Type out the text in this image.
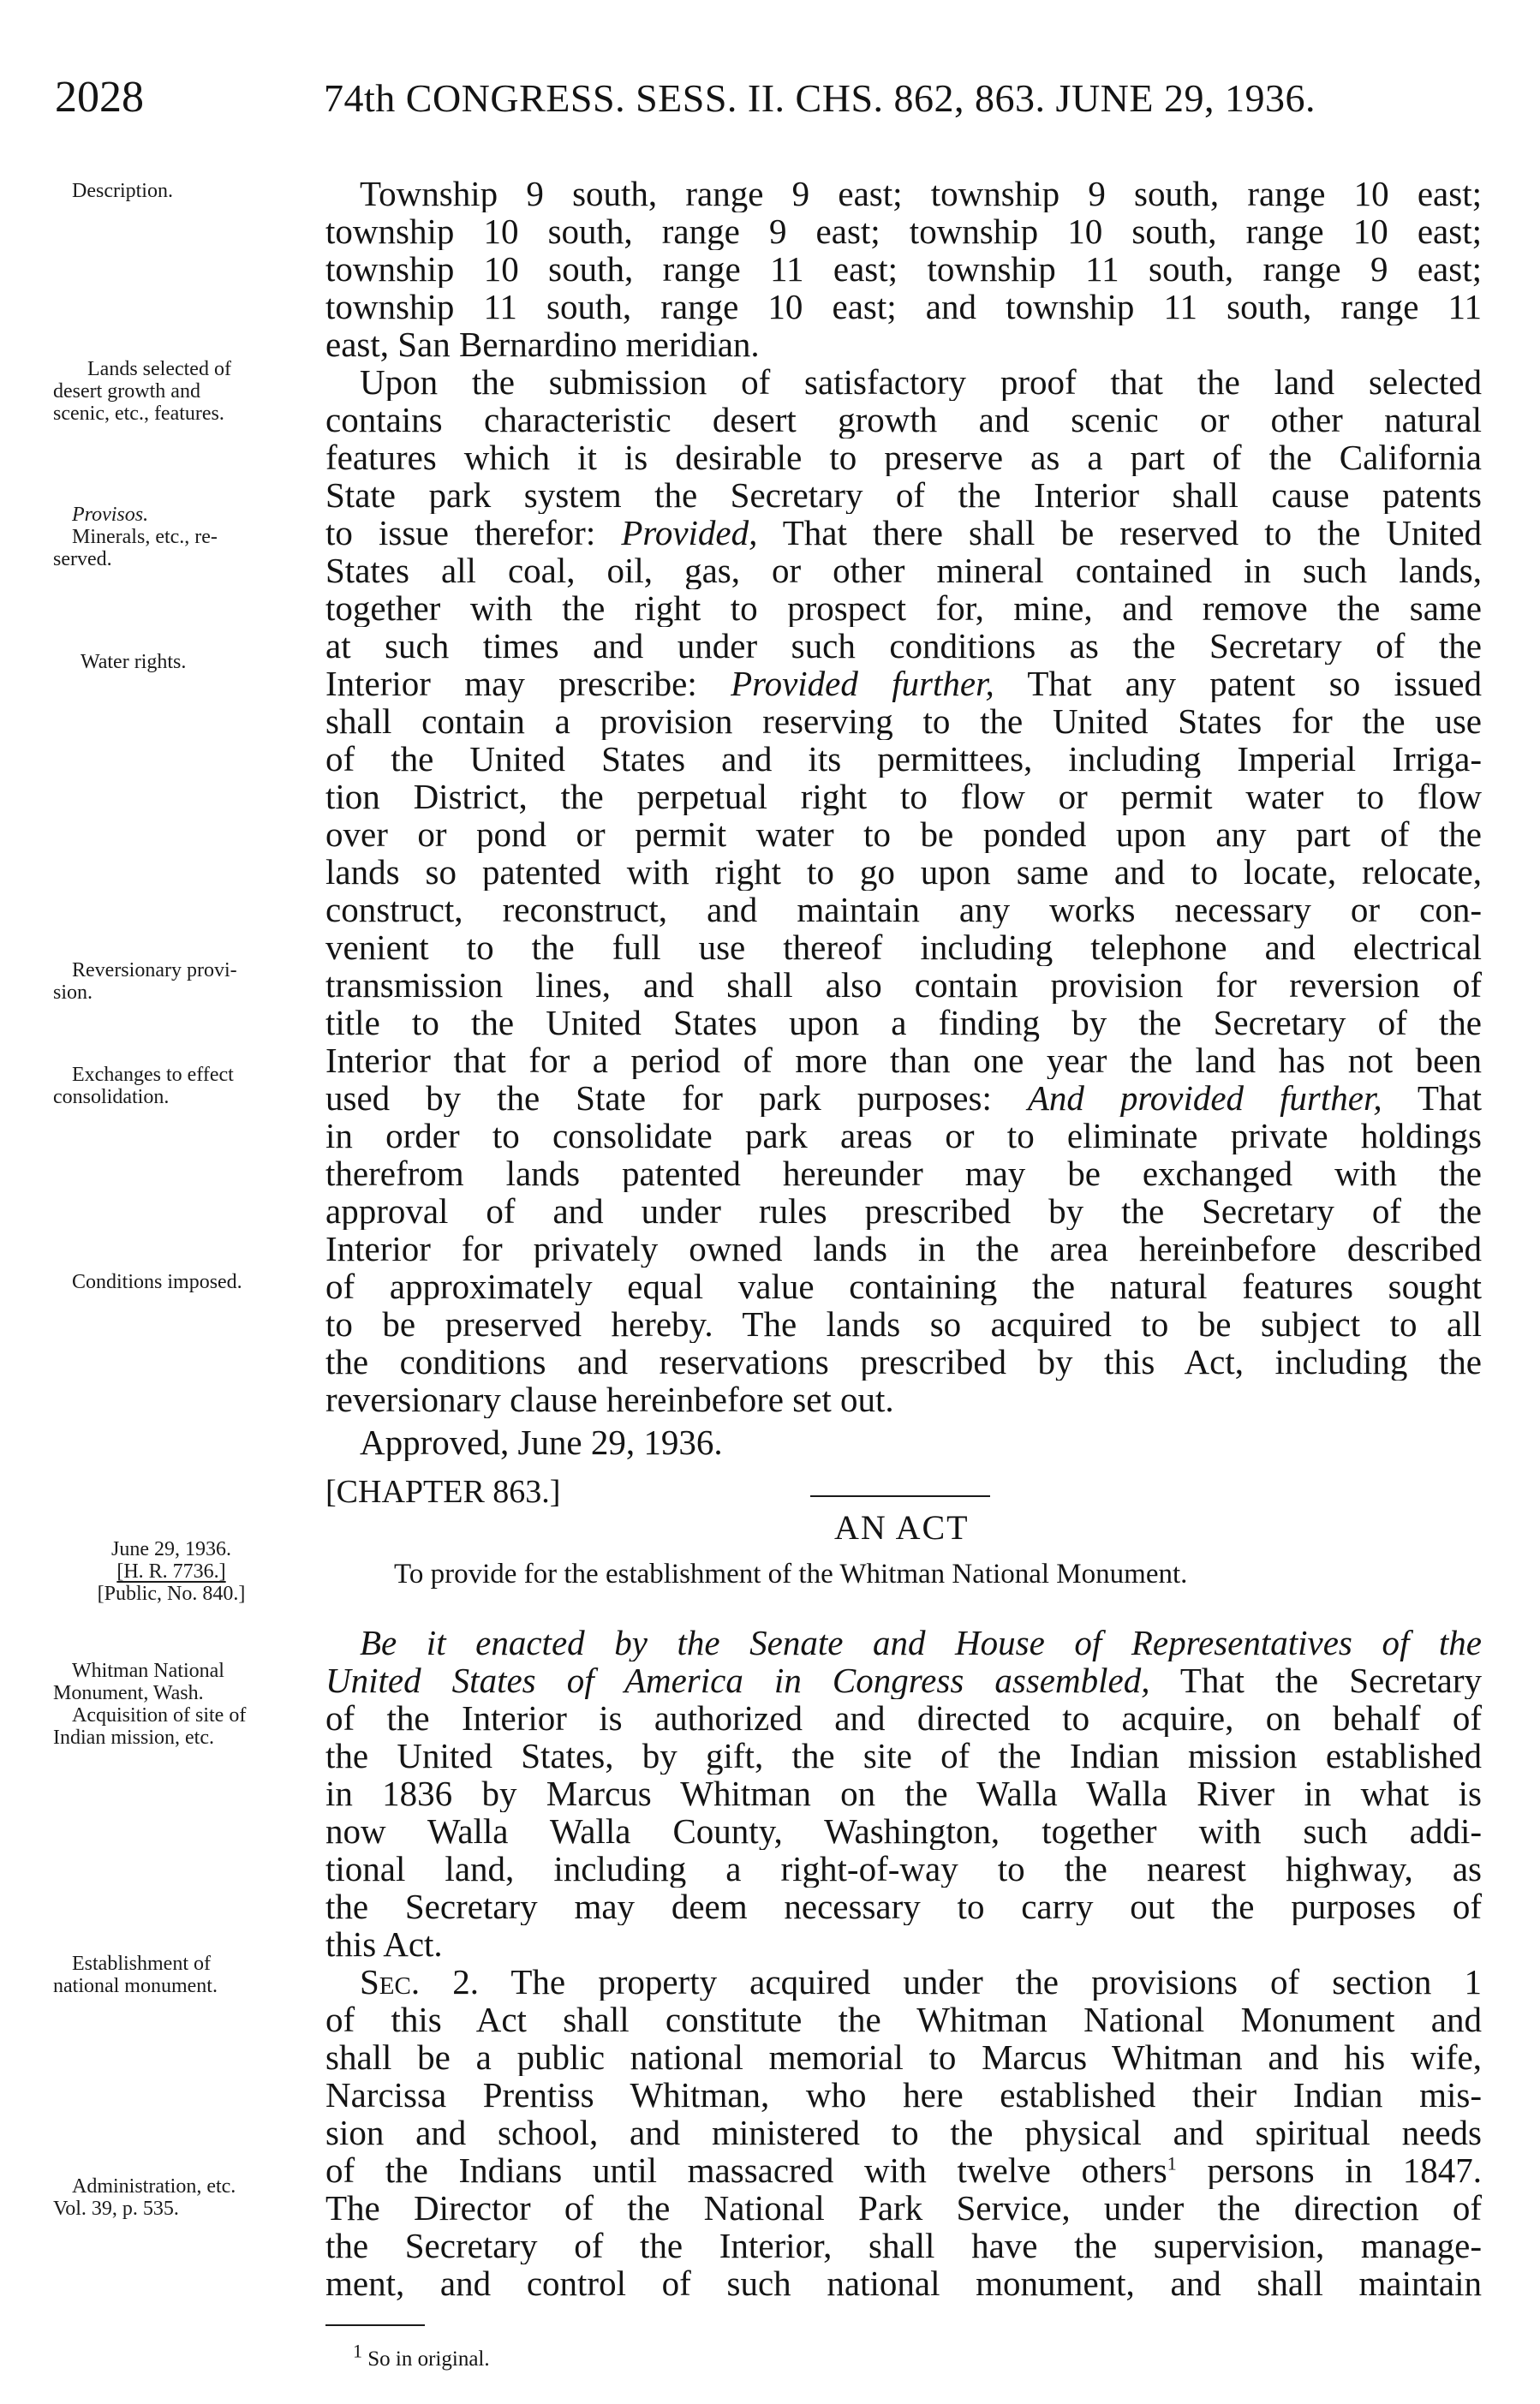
2028	74th CONGRESS. SESS. II. CHS. 862, 863. JUNE 29, 1936.
Description.
Lands selected of
desert growth and
scenic, etc., features.
Provisos.
Minerals, etc., re-
served.
Water rights.
Reversionary provi-
sion.
Exchanges to effect
consolidation.
Conditions imposed.
June 29, 1936.
[H. R. 7736.]
[Public, No. 840.]
Whitman National
Monument, Wash.
Acquisition of site of
Indian mission, etc.
Establishment of
national monument.
Administration, etc.
Vol. 39, p. 535.
Township 9 south, range 9 east; township 9 south, range 10 east;
township 10 south, range 9 east; township 10 south, range 10 east;
township 10 south, range 11 east; township 11 south, range 9 east;
township 11 south, range 10 east; and township 11 south, range 11
east, San Bernardino meridian.
Upon the submission of satisfactory proof that the land selected
contains characteristic desert growth and scenic or other natural
features which it is desirable to preserve as a part of the California
State park system the Secretary of the Interior shall cause patents
to issue therefor: Provided, That there shall be reserved to the United
States all coal, oil, gas, or other mineral contained in such lands,
together with the right to prospect for, mine, and remove the same
at such times and under such conditions as the Secretary of the
Interior may prescribe: Provided further, That any patent so issued
shall contain a provision reserving to the United States for the use
of the United States and its permittees, including Imperial Irriga-
tion District, the perpetual right to flow or permit water to flow
over or pond or permit water to be ponded upon any part of the
lands so patented with right to go upon same and to locate, relocate,
construct, reconstruct, and maintain any works necessary or con-
venient to the full use thereof including telephone and electrical
transmission lines, and shall also contain provision for reversion of
title to the United States upon a finding by the Secretary of the
Interior that for a period of more than one year the land has not been
used by the State for park purposes: And provided further, That
in order to consolidate park areas or to eliminate private holdings
therefrom lands patented hereunder may be exchanged with the
approval of and under rules prescribed by the Secretary of the
Interior for privately owned lands in the area hereinbefore described
of approximately equal value containing the natural features sought
to be preserved hereby. The lands so acquired to be subject to all
the conditions and reservations prescribed by this Act, including the
reversionary clause hereinbefore set out.
Approved, June 29, 1936.
[CHAPTER 863.]
AN ACT
To provide for the establishment of the Whitman National Monument.
Be it enacted by the Senate and House of Representatives of the
United States of America in Congress assembled, That the Secretary
of the Interior is authorized and directed to acquire, on behalf of
the United States, by gift, the site of the Indian mission established
in 1836 by Marcus Whitman on the Walla Walla River in what is
now Walla Walla County, Washington, together with such addi-
tional land, including a right-of-way to the nearest highway, as
the Secretary may deem necessary to carry out the purposes of
this Act.
Sec. 2. The property acquired under the provisions of section 1
of this Act shall constitute the Whitman National Monument and
shall be a public national memorial to Marcus Whitman and his wife,
Narcissa Prentiss Whitman, who here established their Indian mis-
sion and school, and ministered to the physical and spiritual needs
of the Indians until massacred with twelve others$^1$ persons in 1847.
The Director of the National Park Service, under the direction of
the Secretary of the Interior, shall have the supervision, manage-
ment, and control of such national monument, and shall maintain
$^1$ So in original.
